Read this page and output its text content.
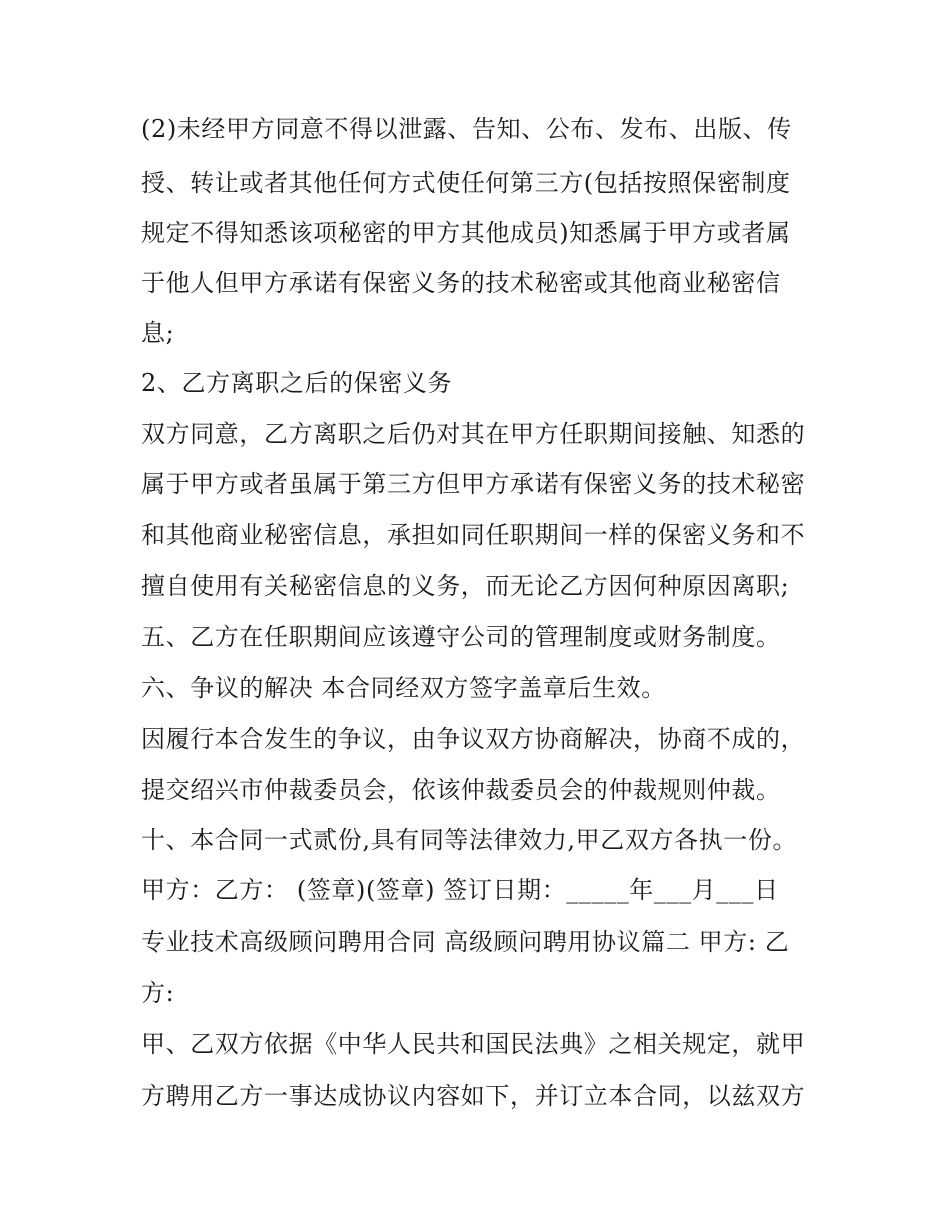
(2)未经甲方同意不得以泄露、告知、公布、发布、出版、传
授、转让或者其他任何方式使任何第三方(包括按照保密制度
规定不得知悉该项秘密的甲方其他成员)知悉属于甲方或者属
于他人但甲方承诺有保密义务的技术秘密或其他商业秘密信
息;
2、乙方离职之后的保密义务
双方同意，乙方离职之后仍对其在甲方任职期间接触、知悉的
属于甲方或者虽属于第三方但甲方承诺有保密义务的技术秘密
和其他商业秘密信息，承担如同任职期间一样的保密义务和不
擅自使用有关秘密信息的义务，而无论乙方因何种原因离职;
五、乙方在任职期间应该遵守公司的管理制度或财务制度。
六、争议的解决 本合同经双方签字盖章后生效。
因履行本合发生的争议，由争议双方协商解决，协商不成的，
提交绍兴市仲裁委员会，依该仲裁委员会的仲裁规则仲裁。
十、本合同一式贰份,具有同等法律效力,甲乙双方各执一份。
甲方：乙方： (签章)(签章) 签订日期：_____年___月___日
专业技术高级顾问聘用合同 高级顾问聘用协议篇二 甲方: 乙
方:
甲、乙双方依据《中华人民共和国民法典》之相关规定，就甲
方聘用乙方一事达成协议内容如下，并订立本合同，以兹双方
